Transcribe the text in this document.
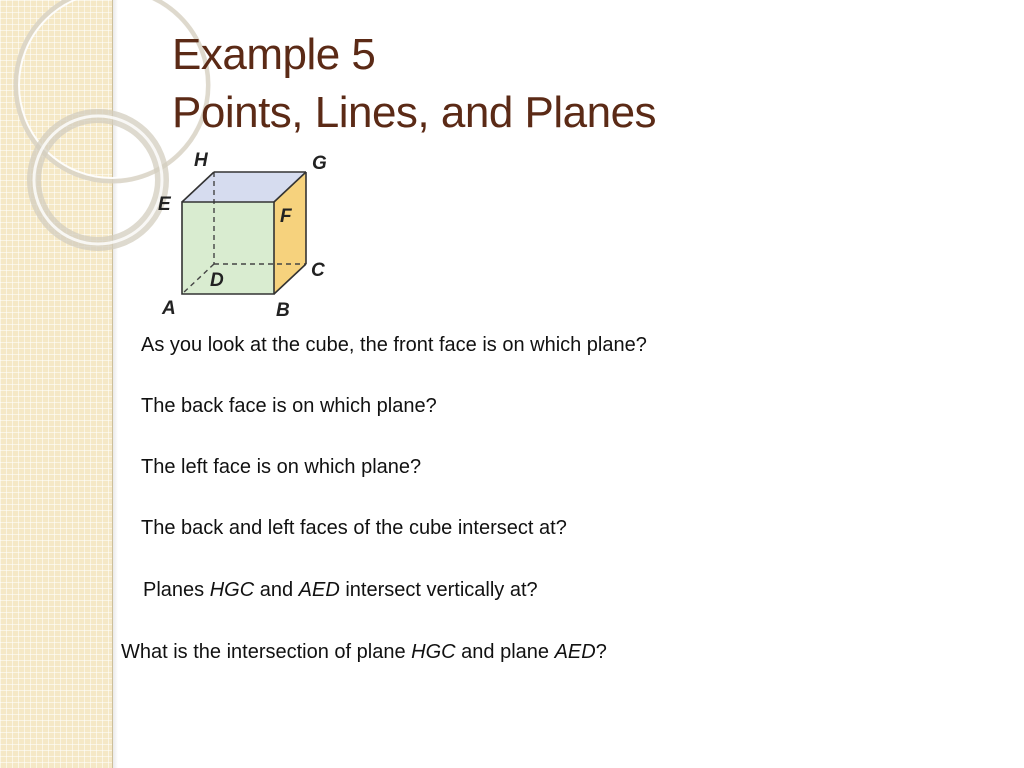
Example 5
Points, Lines, and Planes
H	G
E
F
D	C
A	B
As you look at the cube, the front face is on which plane?
The back face is on which plane?
The left face is on which plane?
The back and left faces of the cube intersect at?
Planes HGC and AED intersect vertically at?
What is the intersection of plane HGC and plane AED?
